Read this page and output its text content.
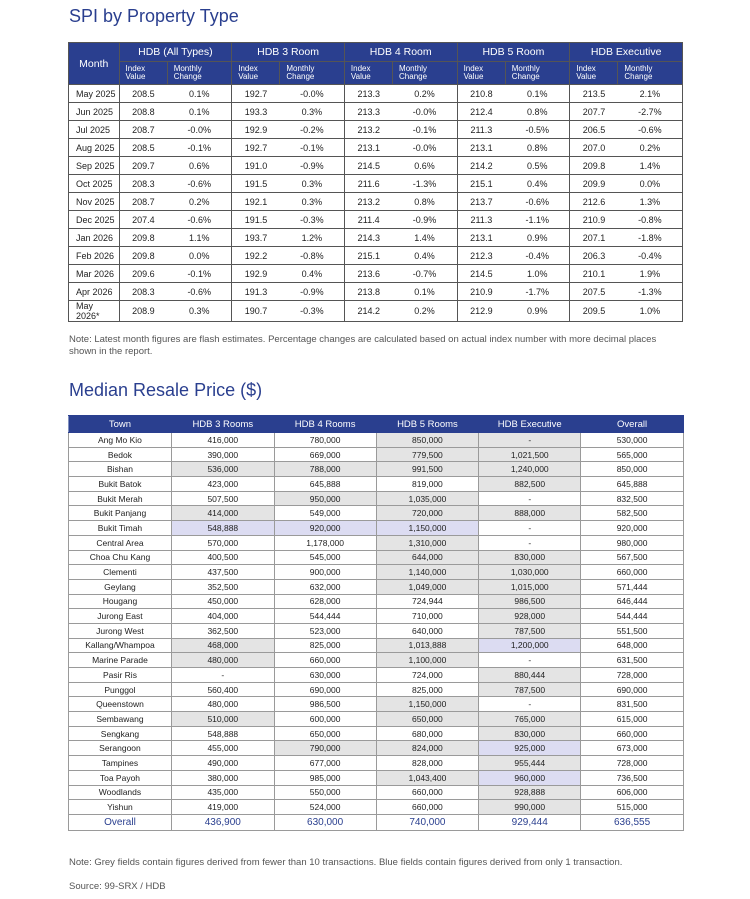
SPI by Property Type
Month	HDB (All Types)		HDB 3 Room		HDB 4 Room		HDB 5 Room		HDB Executive	
	Index Value	Monthly Change	Index Value	Monthly Change	Index Value	Monthly Change	Index Value	Monthly Change	Index Value	Monthly Change
May 2025	208.5	0.1%	192.7	-0.0%	213.3	0.2%	210.8	0.1%	213.5	2.1%
Jun 2025	208.8	0.1%	193.3	0.3%	213.3	-0.0%	212.4	0.8%	207.7	-2.7%
Jul 2025	208.7	-0.0%	192.9	-0.2%	213.2	-0.1%	211.3	-0.5%	206.5	-0.6%
Aug 2025	208.5	-0.1%	192.7	-0.1%	213.1	-0.0%	213.1	0.8%	207.0	0.2%
Sep 2025	209.7	0.6%	191.0	-0.9%	214.5	0.6%	214.2	0.5%	209.8	1.4%
Oct 2025	208.3	-0.6%	191.5	0.3%	211.6	-1.3%	215.1	0.4%	209.9	0.0%
Nov 2025	208.7	0.2%	192.1	0.3%	213.2	0.8%	213.7	-0.6%	212.6	1.3%
Dec 2025	207.4	-0.6%	191.5	-0.3%	211.4	-0.9%	211.3	-1.1%	210.9	-0.8%
Jan 2026	209.8	1.1%	193.7	1.2%	214.3	1.4%	213.1	0.9%	207.1	-1.8%
Feb 2026	209.8	0.0%	192.2	-0.8%	215.1	0.4%	212.3	-0.4%	206.3	-0.4%
Mar 2026	209.6	-0.1%	192.9	0.4%	213.6	-0.7%	214.5	1.0%	210.1	1.9%
Apr 2026	208.3	-0.6%	191.3	-0.9%	213.8	0.1%	210.9	-1.7%	207.5	-1.3%
May 2026*	208.9	0.3%	190.7	-0.3%	214.2	0.2%	212.9	0.9%	209.5	1.0%

Note: Latest month figures are flash estimates. Percentage changes are calculated based on actual index number with more decimal places shown in the report.

Median Resale Price ($)
Town	HDB 3 Rooms	HDB 4 Rooms	HDB 5 Rooms	HDB Executive	Overall
Ang Mo Kio	416,000	780,000	850,000	-	530,000
Bedok	390,000	669,000	779,500	1,021,500	565,000
Bishan	536,000	788,000	991,500	1,240,000	850,000
Bukit Batok	423,000	645,888	819,000	882,500	645,888
Bukit Merah	507,500	950,000	1,035,000	-	832,500
Bukit Panjang	414,000	549,000	720,000	888,000	582,500
Bukit Timah	548,888	920,000	1,150,000	-	920,000
Central Area	570,000	1,178,000	1,310,000	-	980,000
Choa Chu Kang	400,500	545,000	644,000	830,000	567,500
Clementi	437,500	900,000	1,140,000	1,030,000	660,000
Geylang	352,500	632,000	1,049,000	1,015,000	571,444
Hougang	450,000	628,000	724,944	986,500	646,444
Jurong East	404,000	544,444	710,000	928,000	544,444
Jurong West	362,500	523,000	640,000	787,500	551,500
Kallang/Whampoa	468,000	825,000	1,013,888	1,200,000	648,000
Marine Parade	480,000	660,000	1,100,000	-	631,500
Pasir Ris	-	630,000	724,000	880,444	728,000
Punggol	560,400	690,000	825,000	787,500	690,000
Queenstown	480,000	986,500	1,150,000	-	831,500
Sembawang	510,000	600,000	650,000	765,000	615,000
Sengkang	548,888	650,000	680,000	830,000	660,000
Serangoon	455,000	790,000	824,000	925,000	673,000
Tampines	490,000	677,000	828,000	955,444	728,000
Toa Payoh	380,000	985,000	1,043,400	960,000	736,500
Woodlands	435,000	550,000	660,000	928,888	606,000
Yishun	419,000	524,000	660,000	990,000	515,000
Overall	436,900	630,000	740,000	929,444	636,555

Note: Grey fields contain figures derived from fewer than 10 transactions. Blue fields contain figures derived from only 1 transaction.

Source: 99-SRX / HDB
